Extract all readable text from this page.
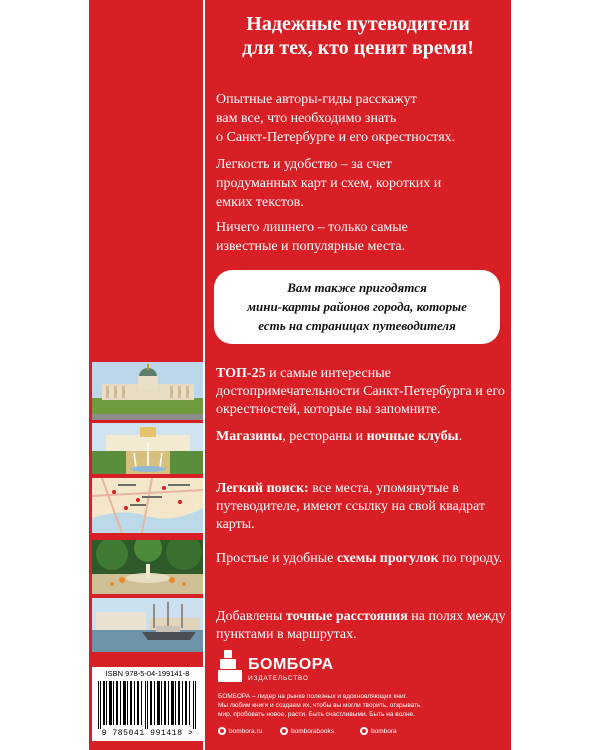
Надежные путеводители
для тех, кто ценит время!

Опытные авторы-гиды расскажут
вам все, что необходимо знать
о Санкт-Петербурге и его окрестностях.

Легкость и удобство – за счет
продуманных карт и схем, коротких и
емких текстов.

Ничего лишнего – только самые
известные и популярные места.

Вам также пригодятся
мини-карты районов города, которые
есть на страницах путеводителя

ТОП-25 и самые интересные достопримечательности Санкт-Петербурга и его окрестностей, которые вы запомните.

Магазины, рестораны и ночные клубы.

Легкий поиск: все места, упомянутые в путеводителе, имеют ссылку на свой квадрат карты.

Простые и удобные схемы прогулок по городу.

Добавлены точные расстояния на полях между пунктами в маршрутах.

ISBN 978-5-04-199141-8
9 785041 991418 >
БОМБОРА
ИЗДАТЕЛЬСТВО

БОМБОРА – лидер на рынке полезных и вдохновляющих книг.
Мы любим книги и создаем их, чтобы вы могли творить, открывать
мир, пробовать новое, расти. Быть счастливыми. Быть на волне.

bombora.ru	bomborabooks	bombora
